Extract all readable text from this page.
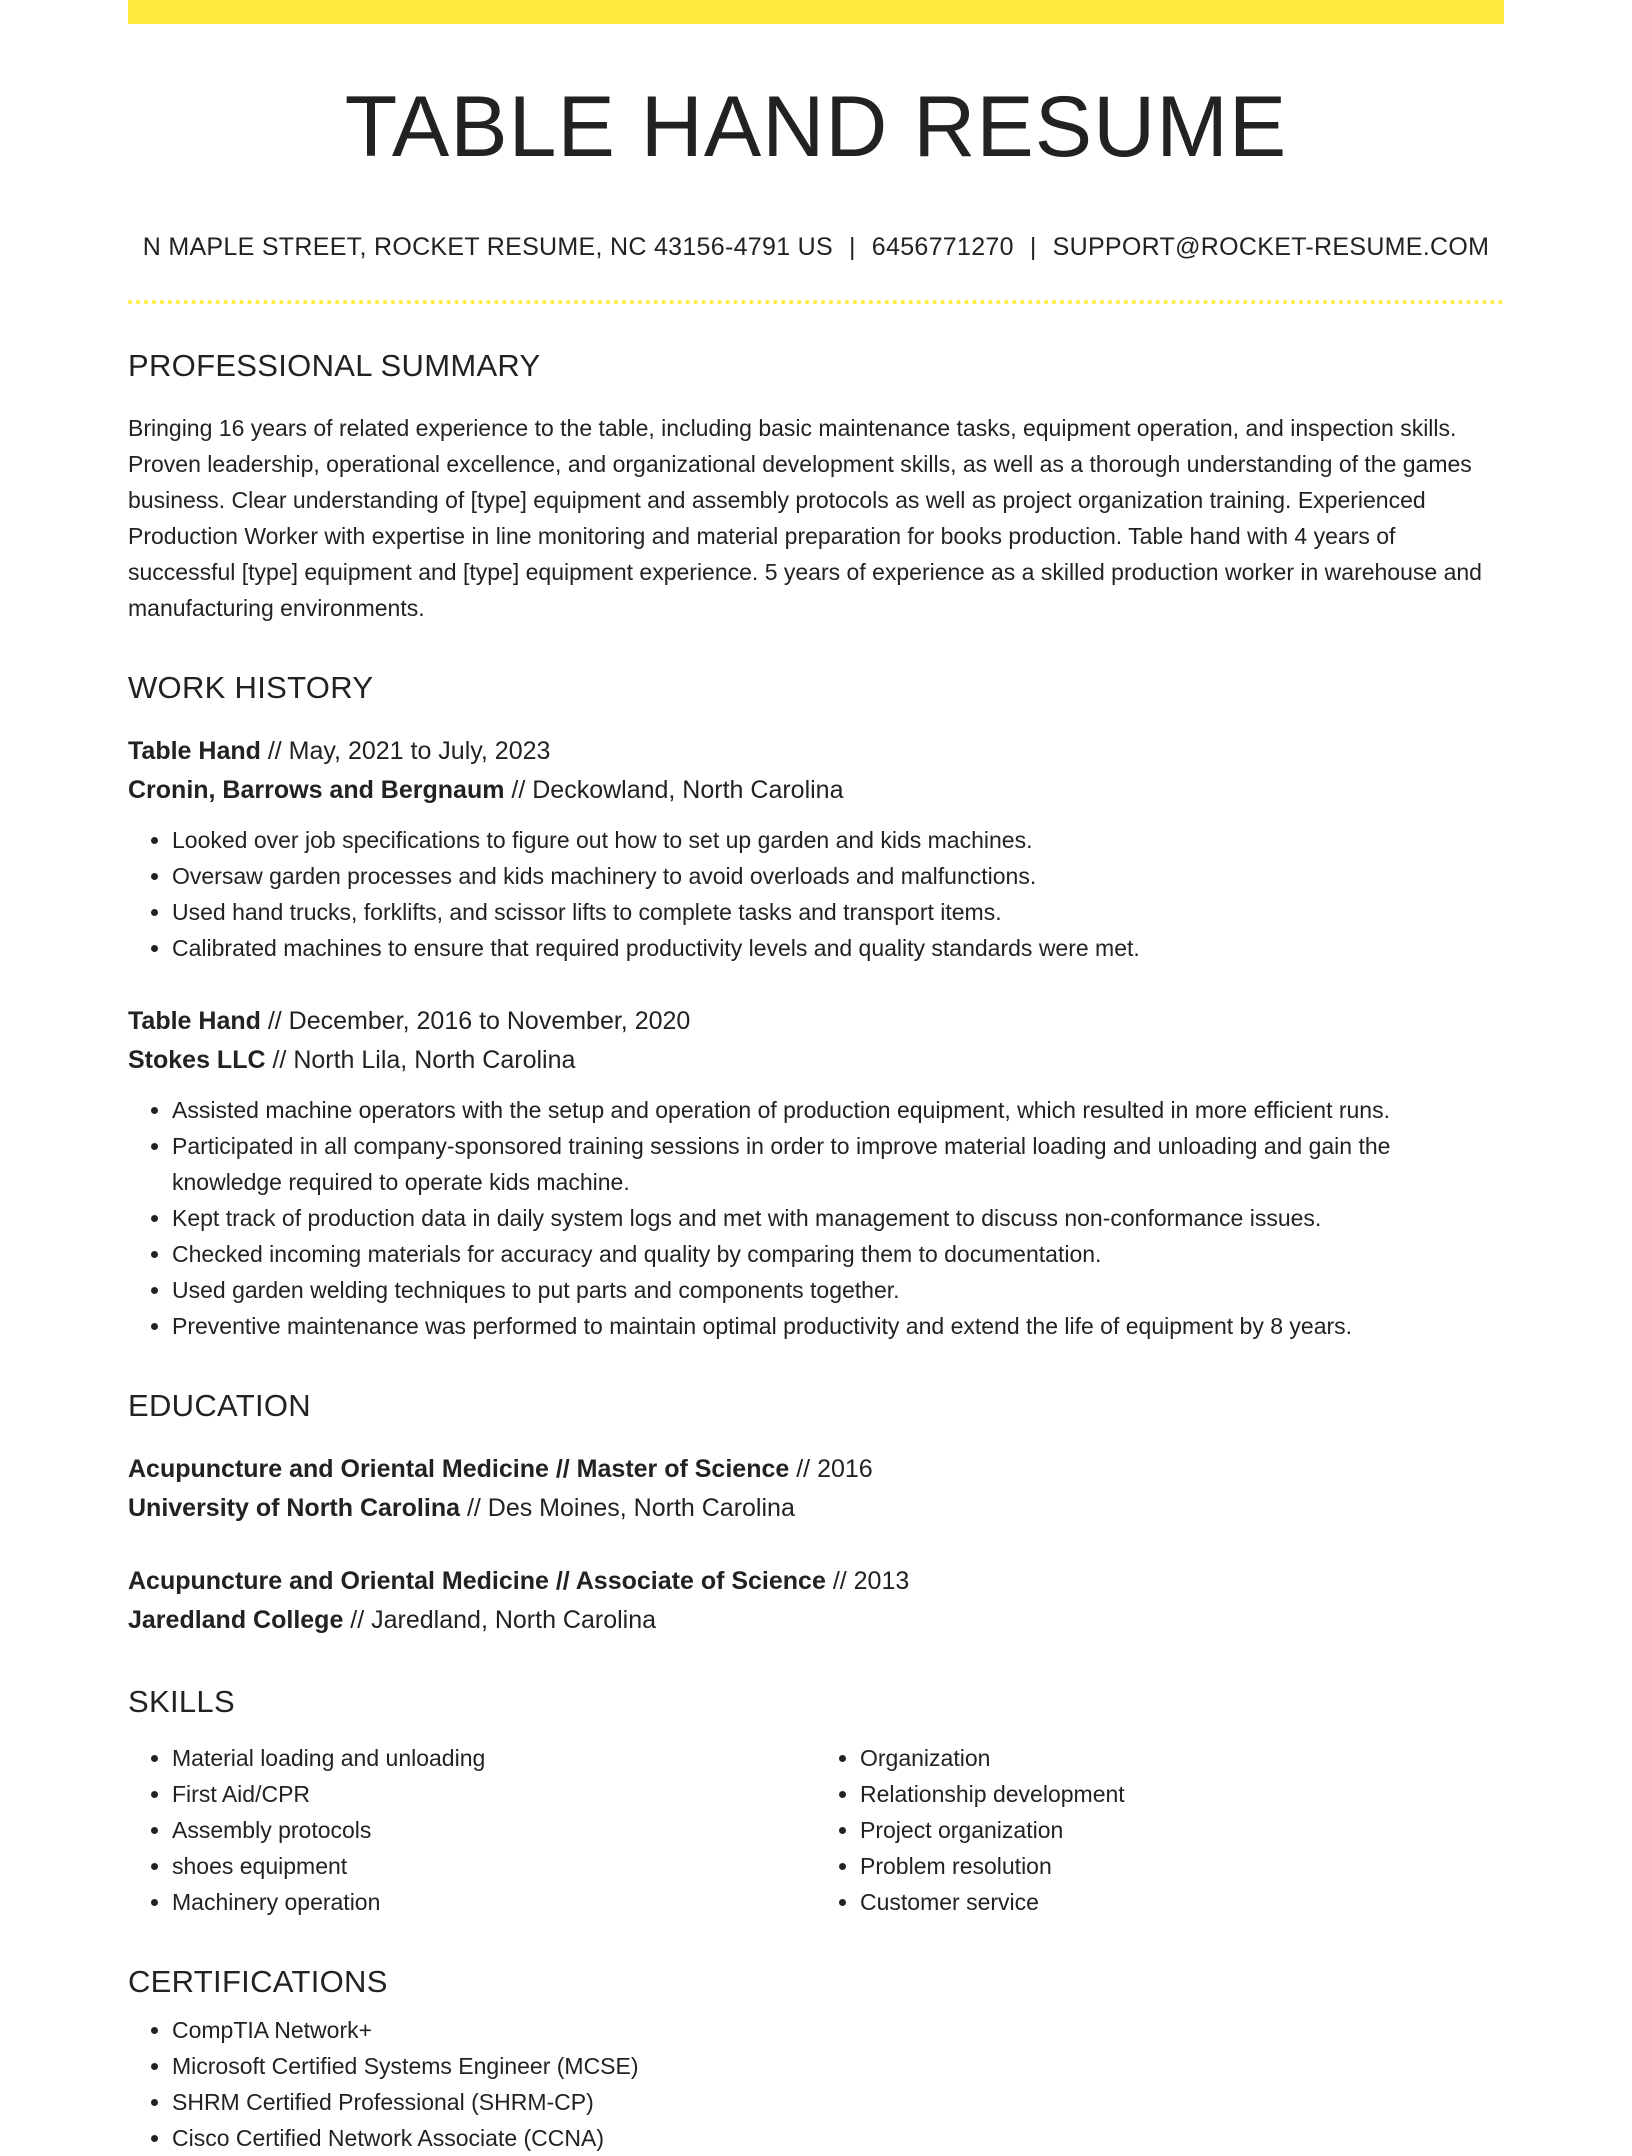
TABLE HAND RESUME
N MAPLE STREET, ROCKET RESUME, NC 43156-4791 US | 6456771270 | SUPPORT@ROCKET-RESUME.COM
PROFESSIONAL SUMMARY

Bringing 16 years of related experience to the table, including basic maintenance tasks, equipment operation, and inspection skills. Proven leadership, operational excellence, and organizational development skills, as well as a thorough understanding of the games business. Clear understanding of [type] equipment and assembly protocols as well as project organization training. Experienced Production Worker with expertise in line monitoring and material preparation for books production. Table hand with 4 years of successful [type] equipment and [type] equipment experience. 5 years of experience as a skilled production worker in warehouse and manufacturing environments.

WORK HISTORY
Table Hand // May, 2021 to July, 2023
Cronin, Barrows and Bergnaum // Deckowland, North Carolina
• Looked over job specifications to figure out how to set up garden and kids machines.
• Oversaw garden processes and kids machinery to avoid overloads and malfunctions.
• Used hand trucks, forklifts, and scissor lifts to complete tasks and transport items.
• Calibrated machines to ensure that required productivity levels and quality standards were met.
Table Hand // December, 2016 to November, 2020
Stokes LLC // North Lila, North Carolina
• Assisted machine operators with the setup and operation of production equipment, which resulted in more efficient runs.
• Participated in all company-sponsored training sessions in order to improve material loading and unloading and gain the knowledge required to operate kids machine.
• Kept track of production data in daily system logs and met with management to discuss non-conformance issues.
• Checked incoming materials for accuracy and quality by comparing them to documentation.
• Used garden welding techniques to put parts and components together.
• Preventive maintenance was performed to maintain optimal productivity and extend the life of equipment by 8 years.
EDUCATION
Acupuncture and Oriental Medicine // Master of Science // 2016
University of North Carolina // Des Moines, North Carolina
Acupuncture and Oriental Medicine // Associate of Science // 2013
Jaredland College // Jaredland, North Carolina
SKILLS
• Material loading and unloading
• First Aid/CPR
• Assembly protocols
• shoes equipment
• Machinery operation
• Organization
• Relationship development
• Project organization
• Problem resolution
• Customer service
CERTIFICATIONS
• CompTIA Network+
• Microsoft Certified Systems Engineer (MCSE)
• SHRM Certified Professional (SHRM-CP)
• Cisco Certified Network Associate (CCNA)
